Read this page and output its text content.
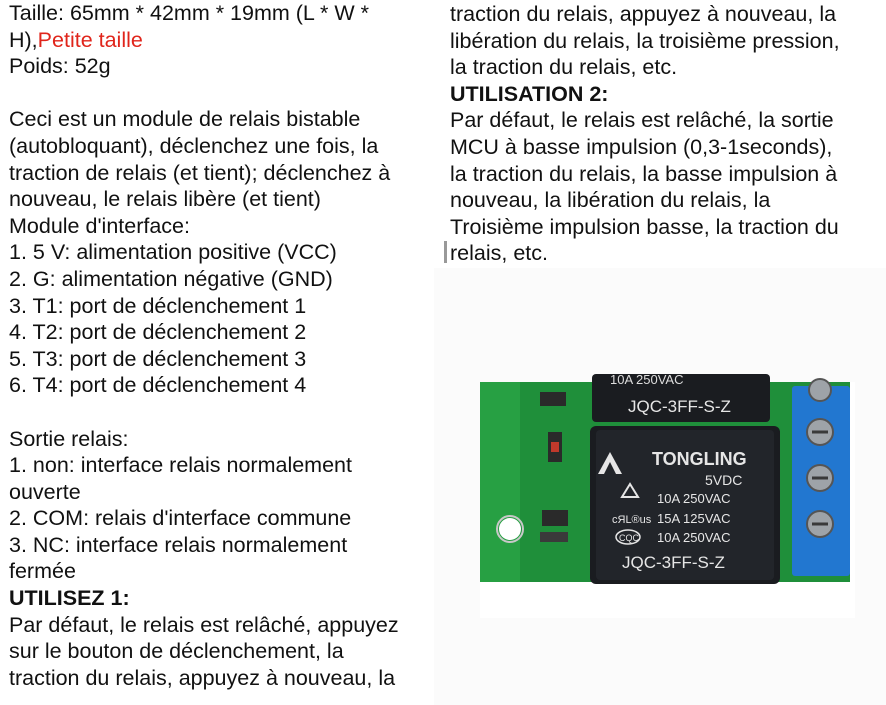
Taille: 65mm * 42mm * 19mm (L * W *
H),Petite taille
Poids: 52g
Ceci est un module de relais bistable
(autobloquant), déclenchez une fois, la
traction de relais (et tient); déclenchez à
nouveau, le relais libère (et tient)
Module d'interface:
1. 5 V: alimentation positive (VCC)
2. G: alimentation négative (GND)
3. T1: port de déclenchement 1
4. T2: port de déclenchement 2
5. T3: port de déclenchement 3
6. T4: port de déclenchement 4
Sortie relais:
1. non: interface relais normalement
ouverte
2. COM: relais d'interface commune
3. NC: interface relais normalement
fermée
UTILISEZ 1:
Par défaut, le relais est relâché, appuyez
sur le bouton de déclenchement, la
traction du relais, appuyez à nouveau, la
traction du relais, appuyez à nouveau, la
libération du relais, la troisième pression,
la traction du relais, etc.
UTILISATION 2:
Par défaut, le relais est relâché, la sortie
MCU à basse impulsion (0,3-1seconds),
la traction du relais, la basse impulsion à
nouveau, la libération du relais, la
Troisième impulsion basse, la traction du
relais, etc.
10A 250VAC
JQC-3FF-S-Z
TONGLING
5VDC
10A 250VAC
cЯL®us 15A 125VAC
CQC 10A 250VAC
JQC-3FF-S-Z
